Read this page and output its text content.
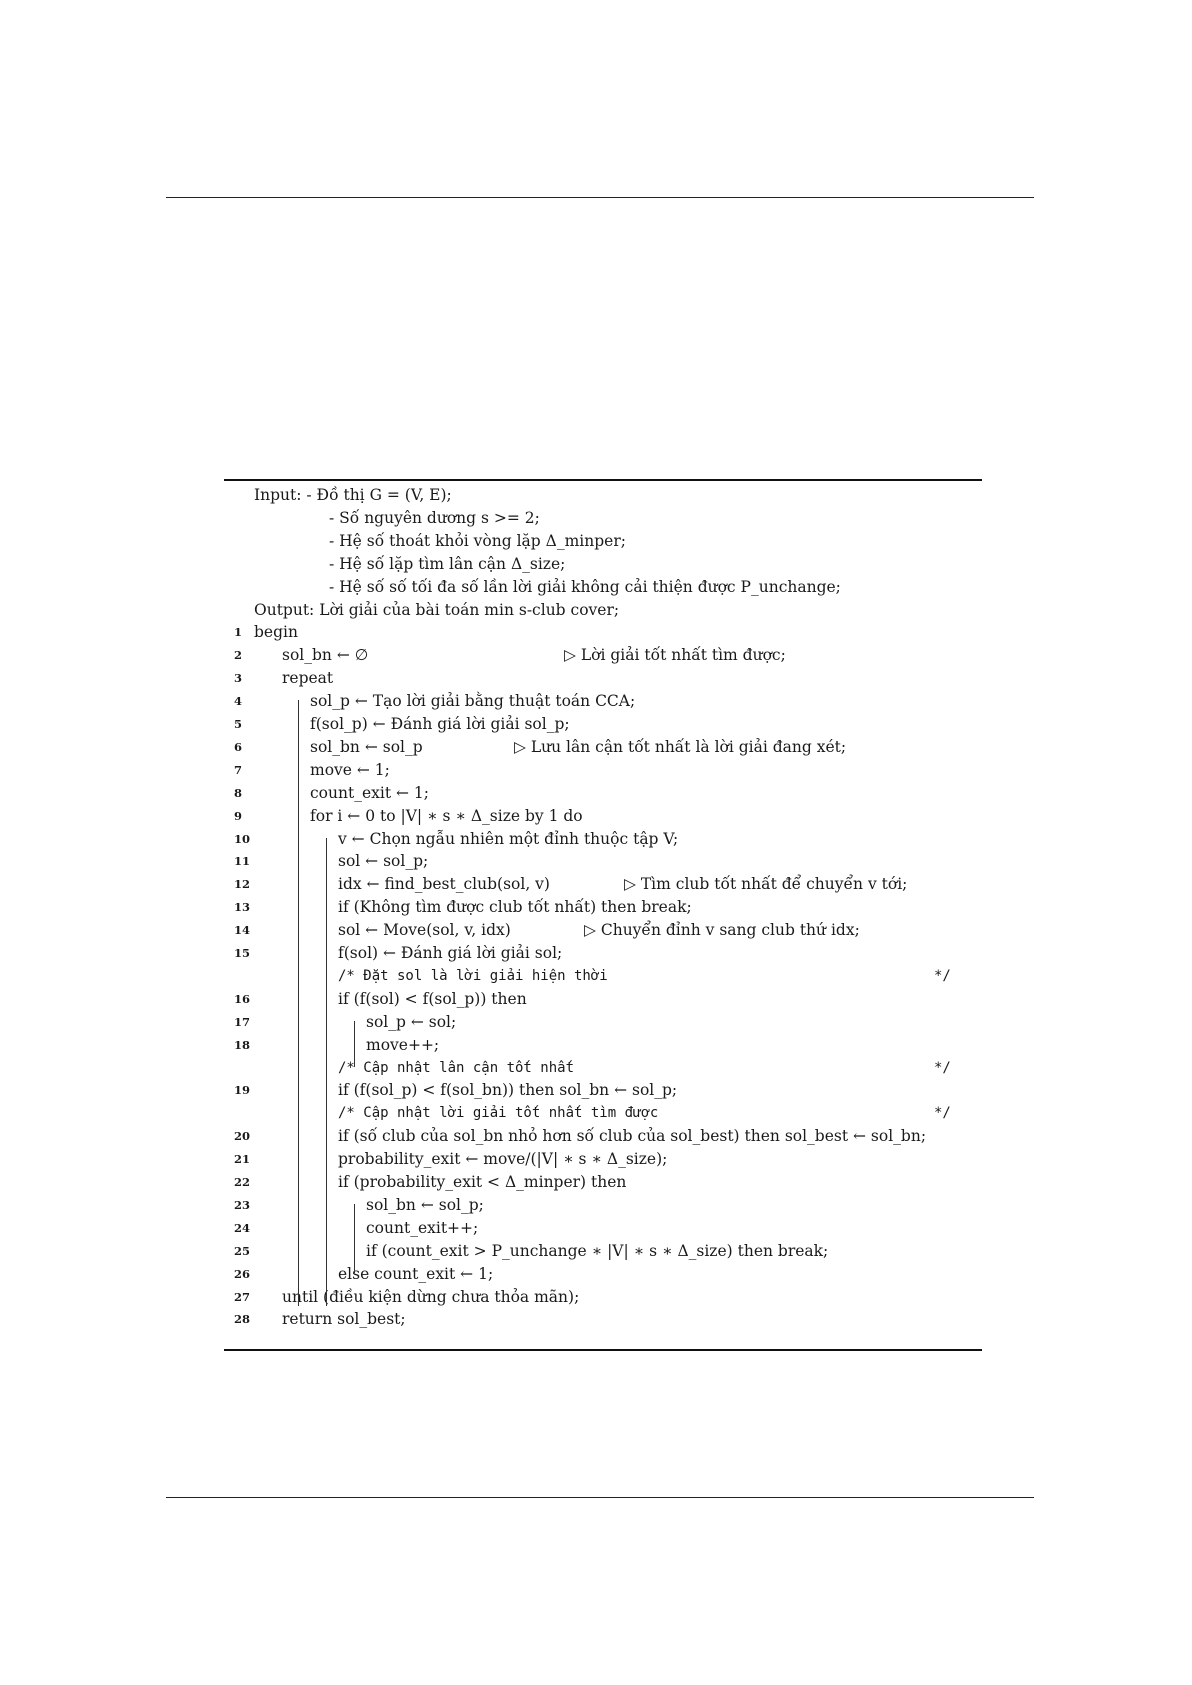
Input: - Đồ thị G = (V, E);
- Số nguyên dương s >= 2;
- Hệ số thoát khỏi vòng lặp Δ_minper;
- Hệ số lặp tìm lân cận Δ_size;
- Hệ số số tối đa số lần lời giải không cải thiện được P_unchange;
Output: Lời giải của bài toán min s-club cover;
1 begin
2	sol_bn ← ∅	▷ Lời giải tốt nhất tìm được;
3	repeat
4	sol_p ← Tạo lời giải bằng thuật toán CCA;
5	f(sol_p) ← Đánh giá lời giải sol_p;
6	sol_bn ← sol_p	▷ Lưu lân cận tốt nhất là lời giải đang xét;
7	move ← 1;
8	count_exit ← 1;
9	for i ← 0 to |V| ∗ s ∗ Δ_size by 1 do
10	v ← Chọn ngẫu nhiên một đỉnh thuộc tập V;
11	sol ← sol_p;
12	idx ← find_best_club(sol, v)	▷ Tìm club tốt nhất để chuyển v tới;
13	if (Không tìm được club tốt nhất) then break;
14	sol ← Move(sol, v, idx)	▷ Chuyển đỉnh v sang club thứ idx;
15	f(sol) ← Đánh giá lời giải sol;
/* Đặt sol là lời giải hiện thời	*/
16	if (f(sol) < f(sol_p)) then
17	sol_p ← sol;
18	move++;
/* Cập nhật lân cận tốt nhất	*/
19	if (f(sol_p) < f(sol_bn)) then sol_bn ← sol_p;
/* Cập nhật lời giải tốt nhất tìm được	*/
20	if (số club của sol_bn nhỏ hơn số club của sol_best) then sol_best ← sol_bn;
21	probability_exit ← move/(|V| ∗ s ∗ Δ_size);
22	if (probability_exit < Δ_minper) then
23	sol_bn ← sol_p;
24	count_exit++;
25	if (count_exit > P_unchange ∗ |V| ∗ s ∗ Δ_size) then break;
26	else count_exit ← 1;
27 until (điều kiện dừng chưa thỏa mãn);
28 return sol_best;
